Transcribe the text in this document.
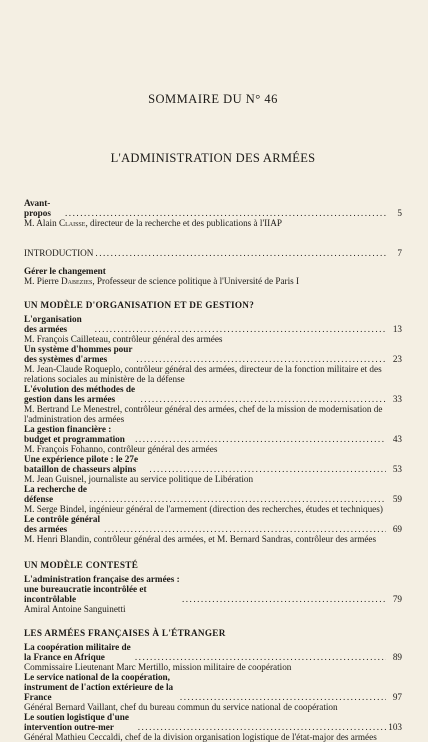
SOMMAIRE DU N° 46
L'ADMINISTRATION DES ARMÉES
Avant-propos . . .	5
M. Alain Claisse, directeur de la recherche et des publications à l'IIAP
INTRODUCTION . . .	7
Gérer le changement
M. Pierre Dabezies, Professeur de science politique à l'Université de Paris I
UN MODÈLE D'ORGANISATION ET DE GESTION?
L'organisation des armées . . .	13
M. François Cailleteau, contrôleur général des armées
Un système d'hommes pour des systèmes d'armes . . .	23
M. Jean-Claude Roqueplo, contrôleur général des armées, directeur de la fonction militaire et des relations sociales au ministère de la défense
L'évolution des méthodes de gestion dans les armées . . .	33
M. Bertrand Le Menestrel, contrôleur général des armées, chef de la mission de modernisation de l'administration des armées
La gestion financière : budget et programmation . . .	43
M. François Fohanno, contrôleur général des armées
Une expérience pilote : le 27e bataillon de chasseurs alpins . . .	53
M. Jean Guisnel, journaliste au service politique de Libération
La recherche de défense . . .	59
M. Serge Bindel, ingénieur général de l'armement (direction des recherches, études et techniques)
Le contrôle général des armées . . .	69
M. Henri Blandin, contrôleur général des armées, et M. Bernard Sandras, contrôleur des armées
UN MODÈLE CONTESTÉ
L'administration française des armées : une bureaucratie incontrôlée et incontrôlable . . .	79
Amiral Antoine Sanguinetti
LES ARMÉES FRANÇAISES À L'ÉTRANGER
La coopération militaire de la France en Afrique . . .	89
Commissaire Lieutenant Marc Mertillo, mission militaire de coopération
Le service national de la coopération, instrument de l'action extérieure de la France . . .	97
Général Bernard Vaillant, chef du bureau commun du service national de coopération
Le soutien logistique d'une intervention outre-mer . . .	103
Général Mathieu Ceccaldi, chef de la division organisation logistique de l'état-major des armées
